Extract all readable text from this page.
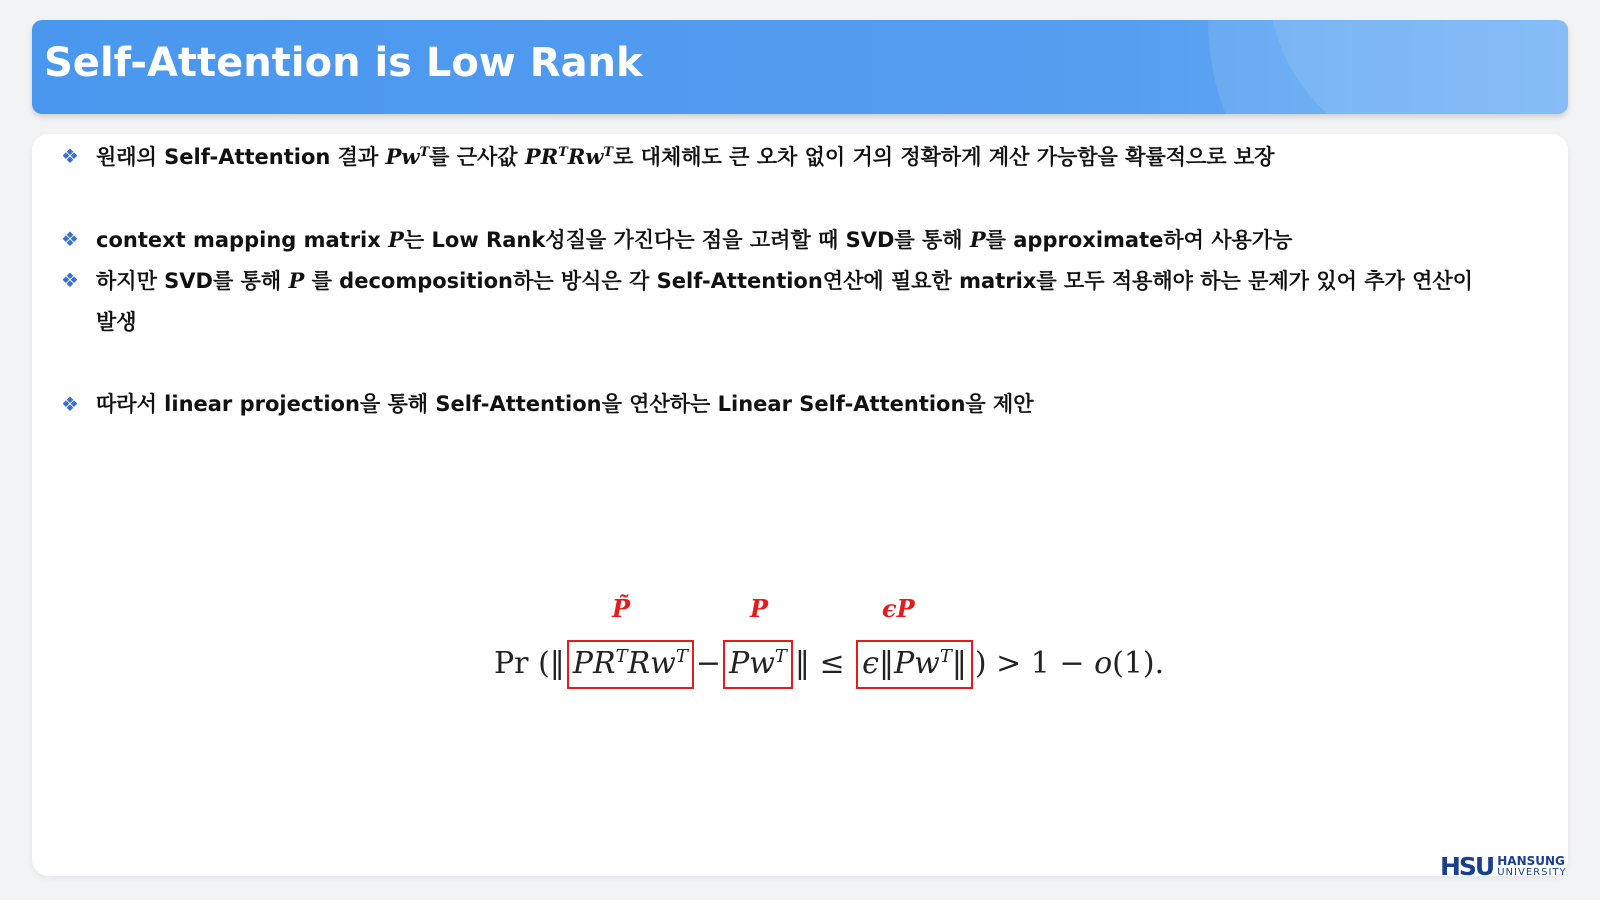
Self-Attention is Low Rank
❖ 원래의 Self-Attention 결과 $Pw^T$를 근사값 $PR^TRw^T$로 대체해도 큰 오차 없이 거의 정확하게 계산 가능함을 확률적으로 보장
❖ context mapping matrix P는 Low Rank성질을 가진다는 점을 고려할 때 SVD를 통해 P를 approximate하여 사용가능
❖ 하지만 SVD를 통해 P 를 decomposition하는 방식은 각 Self-Attention연산에 필요한 matrix를 모두 적용해야 하는 문제가 있어 추가 연산이 발생
❖ 따라서 linear projection을 통해 Self-Attention을 연산하는 Linear Self-Attention을 제안
P̃	P	ϵP
Pr (‖ $PR^TRw^T - Pw^T$ ‖ ≤ $\epsilon‖Pw^T‖$ ) > 1 − o(1).
HSU HANSUNG
UNIVERSITY
